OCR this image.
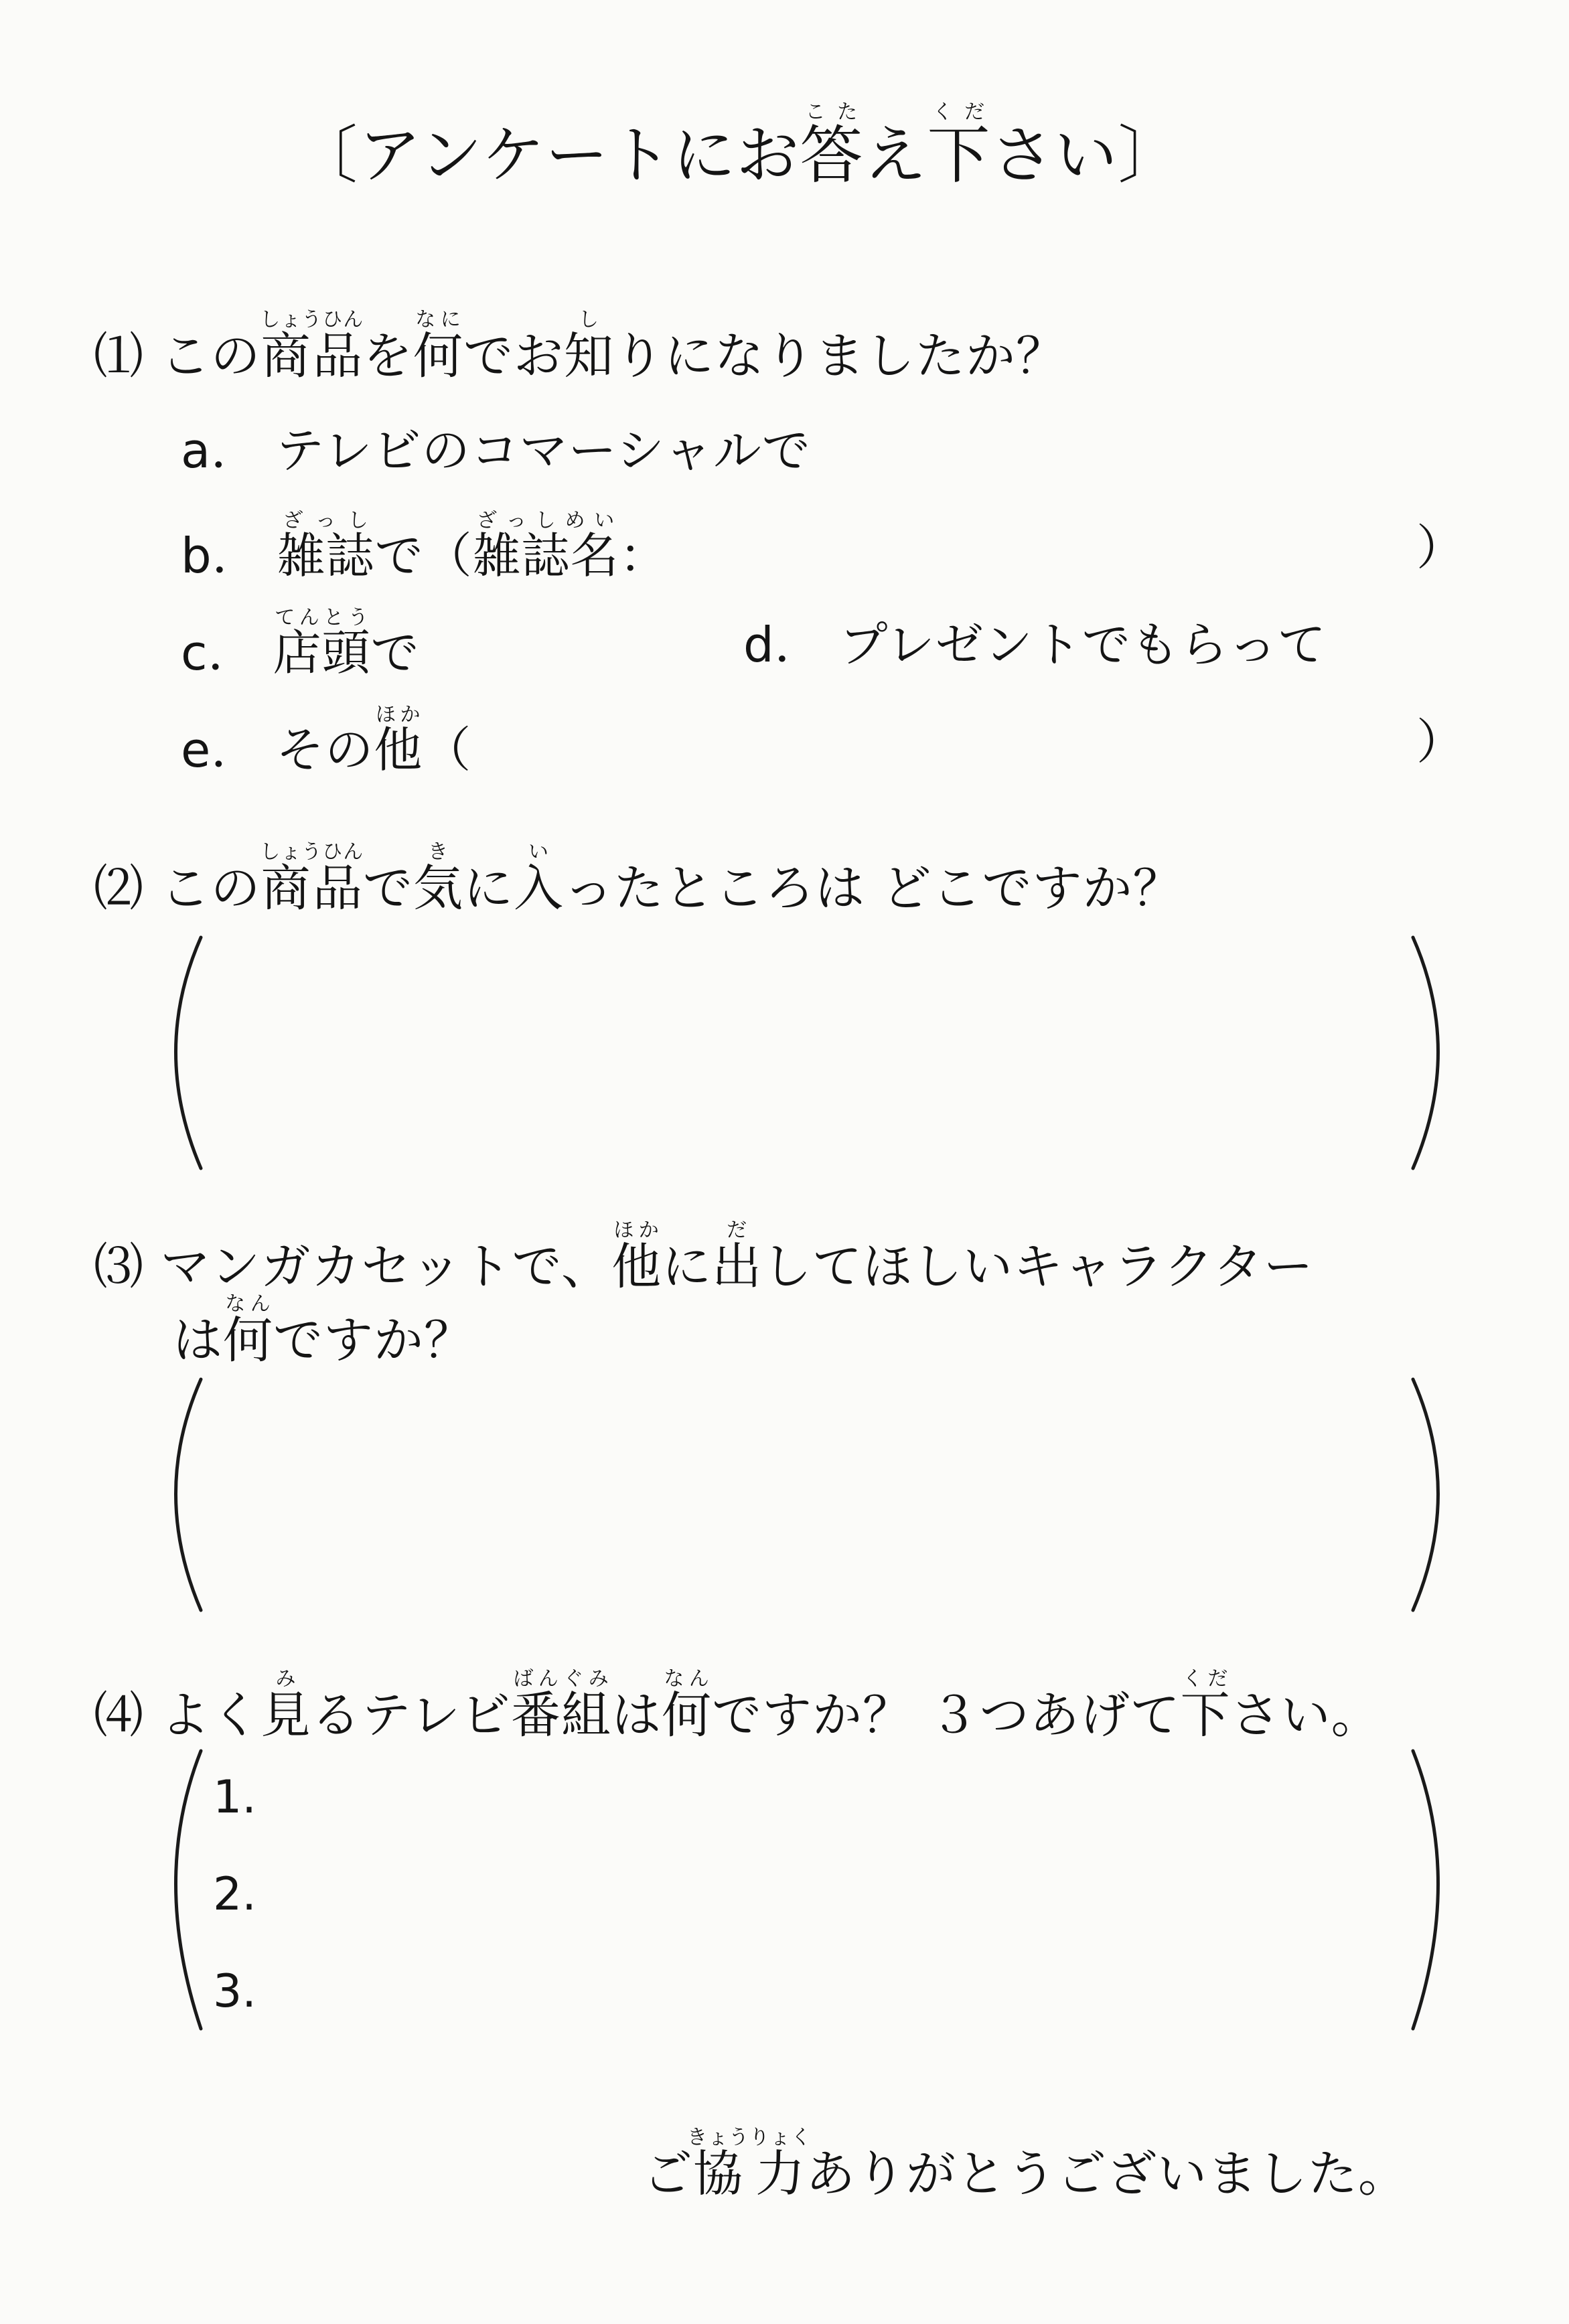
〔アンケートにお答こたえ下ください〕
⑴ この商品しょうひんを何なにでお知しりになりましたか？
a． テレビのコマーシャルで
b． 雑誌ざっしで（雑誌名ざっしめい：	）
c． 店頭てんとうで	d． プレゼントでもらって
e． その他ほか（	）
⑵ この商品しょうひんで気きに入いったところは どこですか？
⑶ マンガカセットで、他ほかに出だしてほしいキャラクター
は何なんですか？
⑷ よく見みるテレビ番組ばんぐみは何なんですか？ ３つあげて下ください。
1.
2.
3.
ご協力きょうりょくありがとうございました。
